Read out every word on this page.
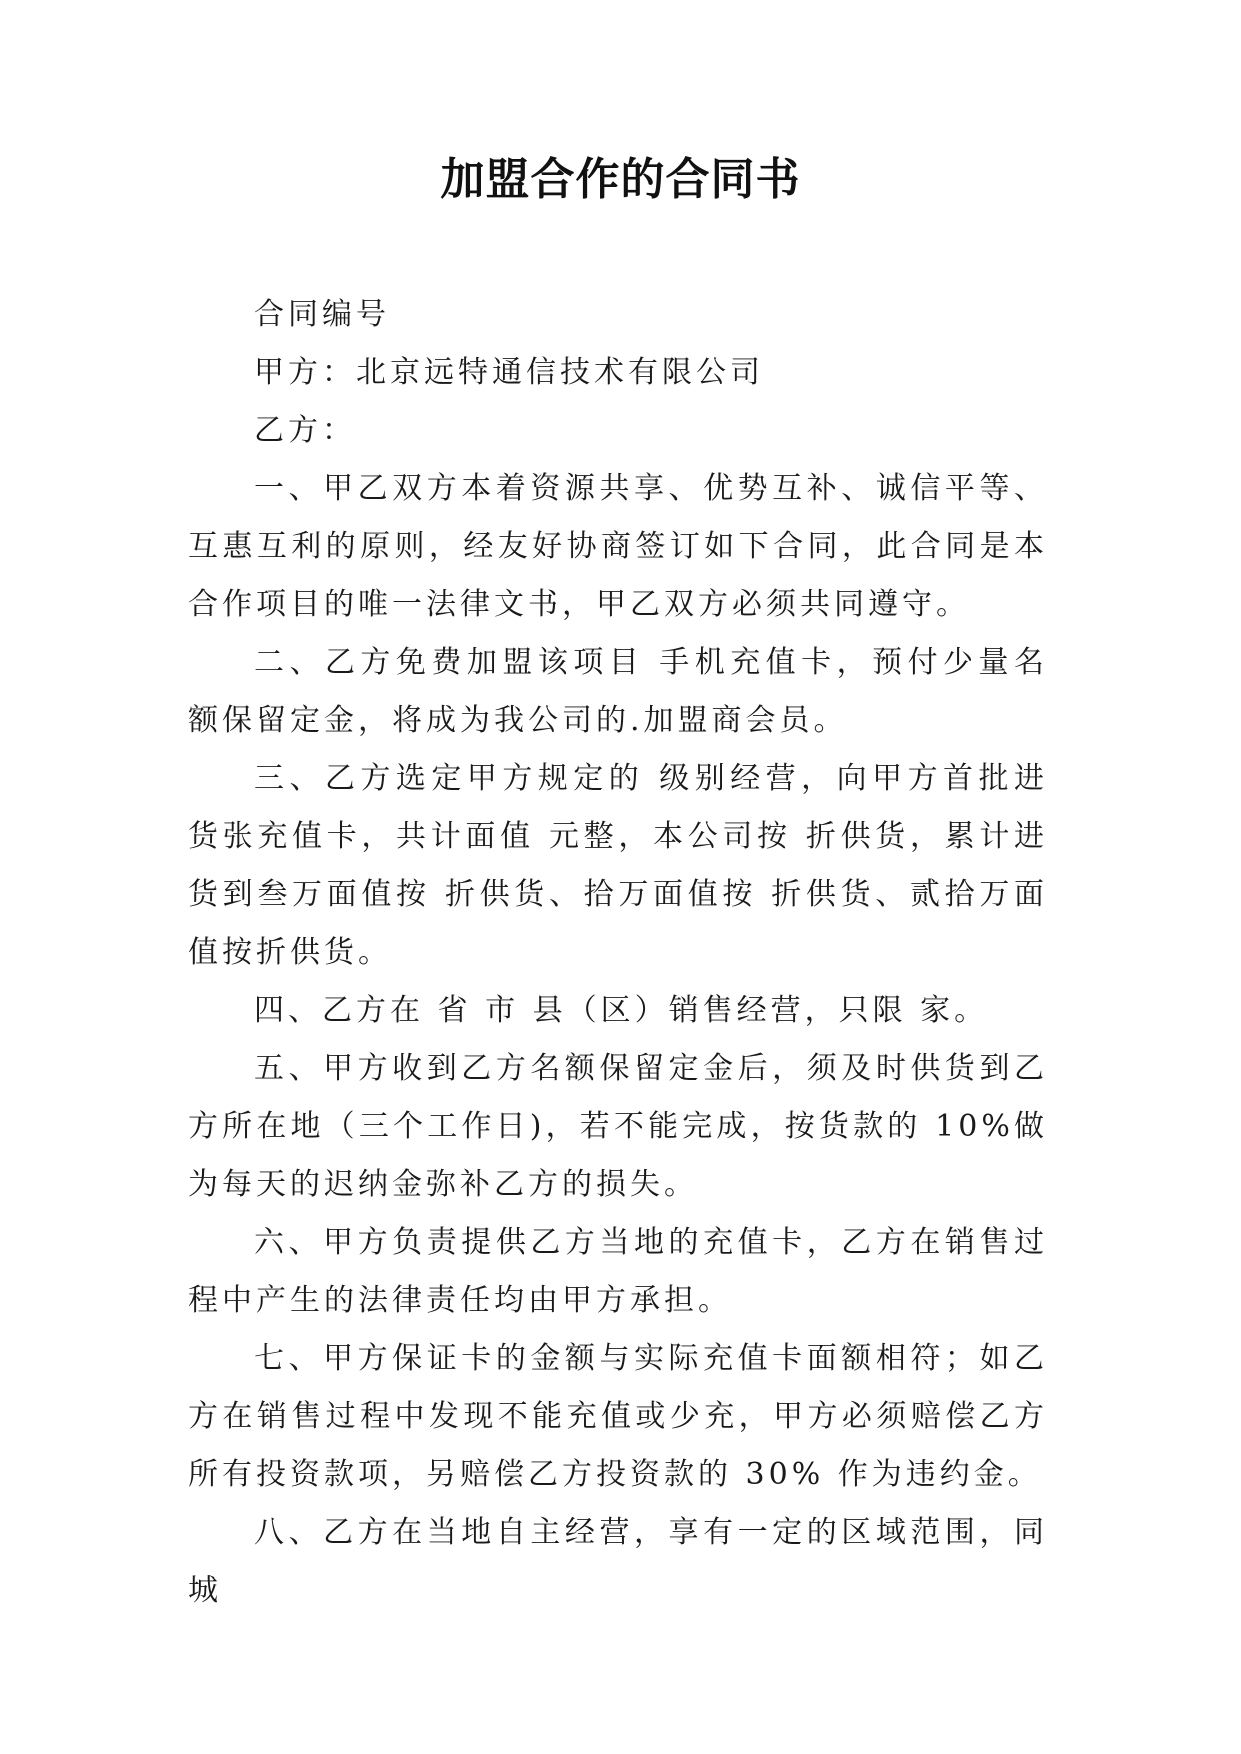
加盟合作的合同书

合同编号

甲方：北京远特通信技术有限公司

乙方：

一、甲乙双方本着资源共享、优势互补、诚信平等、互惠互利的原则，经友好协商签订如下合同，此合同是本合作项目的唯一法律文书，甲乙双方必须共同遵守。

二、乙方免费加盟该项目 手机充值卡，预付少量名额保留定金，将成为我公司的.加盟商会员。

三、乙方选定甲方规定的 级别经营，向甲方首批进货张充值卡，共计面值 元整，本公司按 折供货，累计进货到叁万面值按 折供货、拾万面值按 折供货、贰拾万面值按折供货。

四、乙方在 省 市 县（区）销售经营，只限 家。

五、甲方收到乙方名额保留定金后，须及时供货到乙方所在地（三个工作日)，若不能完成，按货款的 10%做为每天的迟纳金弥补乙方的损失。

六、甲方负责提供乙方当地的充值卡，乙方在销售过程中产生的法律责任均由甲方承担。

七、甲方保证卡的金额与实际充值卡面额相符；如乙方在销售过程中发现不能充值或少充，甲方必须赔偿乙方所有投资款项，另赔偿乙方投资款的 30% 作为违约金。

八、乙方在当地自主经营，享有一定的区域范围，同城
